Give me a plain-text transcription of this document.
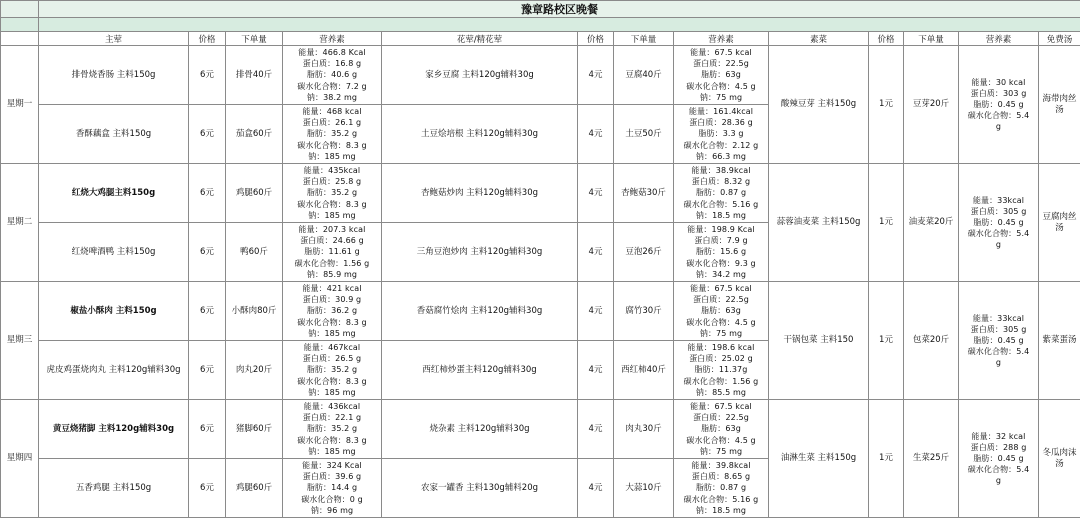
	豫章路校区晚餐												

	主荤	价格	下单量	营养素	花荤/精花荤	价格	下单量	营养素	素菜	价格	下单量	营养素	免费汤
星期一	排骨烧香肠 主料150g	6元	排骨40斤	能量：466.8 Kcal
蛋白质：16.8 g
脂肪：40.6 g
碳水化合物：7.2 g
钠：38.2 mg	家乡豆腐 主料120g辅料30g	4元	豆腐40斤	能量：67.5 kcal
蛋白质：22.5g
脂肪：63g
碳水化合物：4.5 g
钠：75 mg	酸辣豆芽 主料150g	1元	豆芽20斤	能量：30 kcal
蛋白质：303 g
脂肪：0.45 g
碳水化合物：5.4
g	海带肉丝汤
	香酥藕盒 主料150g	6元	茄盒60斤	能量：468 kcal
蛋白质：26.1 g
脂肪：35.2 g
碳水化合物：8.3 g
钠：185 mg	土豆烩培根 主料120g辅料30g	4元	土豆50斤	能量：161.4kcal
蛋白质：28.36 g
脂肪：3.3 g
碳水化合物：2.12 g
钠：66.3 mg					

星期二	红烧大鸡腿主料150g	6元	鸡腿60斤	能量：435kcal
蛋白质：25.8 g
脂肪：35.2 g
碳水化合物：8.3 g
钠：185 mg	杏鲍菇炒肉 主料120g辅料30g	4元	杏鲍菇30斤	能量：38.9kcal
蛋白质：8.32 g
脂肪：0.87 g
碳水化合物：5.16 g
钠：18.5 mg	蒜蓉油麦菜 主料150g	1元	油麦菜20斤	能量：33kcal
蛋白质：305 g
脂肪：0.45 g
碳水化合物：5.4
g	豆腐肉丝汤
	红烧啤酒鸭 主料150g	6元	鸭60斤	能量：207.3 kcal
蛋白质：24.66 g
脂肪：11.61 g
碳水化合物：1.56 g
钠：85.9 mg	三角豆泡炒肉 主料120g辅料30g	4元	豆泡26斤	能量：198.9 Kcal
蛋白质：7.9 g
脂肪：15.6 g
碳水化合物：9.3 g
钠：34.2 mg					

星期三	椒盐小酥肉 主料150g	6元	小酥肉80斤	能量：421 kcal
蛋白质：30.9 g
脂肪：36.2 g
碳水化合物：8.3 g
钠：185 mg	香菇腐竹烩肉 主料120g辅料30g	4元	腐竹30斤	能量：67.5 kcal
蛋白质：22.5g
脂肪：63g
碳水化合物：4.5 g
钠：75 mg	干锅包菜 主料150	1元	包菜20斤	能量：33kcal
蛋白质：305 g
脂肪：0.45 g
碳水化合物：5.4
g	紫菜蛋汤
	虎皮鸡蛋烧肉丸 主料120g辅料30g	6元	肉丸20斤	能量：467kcal
蛋白质：26.5 g
脂肪：35.2 g
碳水化合物：8.3 g
钠：185 mg	西红柿炒蛋主料120g辅料30g	4元	西红柿40斤	能量：198.6 kcal
蛋白质：25.02 g
脂肪：11.37g
碳水化合物：1.56 g
钠：85.5 mg					

星期四	黄豆烧猪脚 主料120g辅料30g	6元	猪脚60斤	能量：436kcal
蛋白质：22.1 g
脂肪：35.2 g
碳水化合物：8.3 g
钠：185 mg	烧杂素 主料120g辅料30g	4元	肉丸30斤	能量：67.5 kcal
蛋白质：22.5g
脂肪：63g
碳水化合物：4.5 g
钠：75 mg	油淋生菜 主料150g	1元	生菜25斤	能量：32 kcal
蛋白质：288 g
脂肪：0.45 g
碳水化合物：5.4
g	冬瓜肉沫汤
	五香鸡腿 主料150g	6元	鸡腿60斤	能量：324 Kcal
蛋白质：39.6 g
脂肪：14.4 g
碳水化合物：0 g
钠：96 mg	农家一罐香 主料130g辅料20g	4元	大蒜10斤	能量：39.8kcal
蛋白质：8.65 g
脂肪：0.87 g
碳水化合物：5.16 g
钠：18.5 mg					
